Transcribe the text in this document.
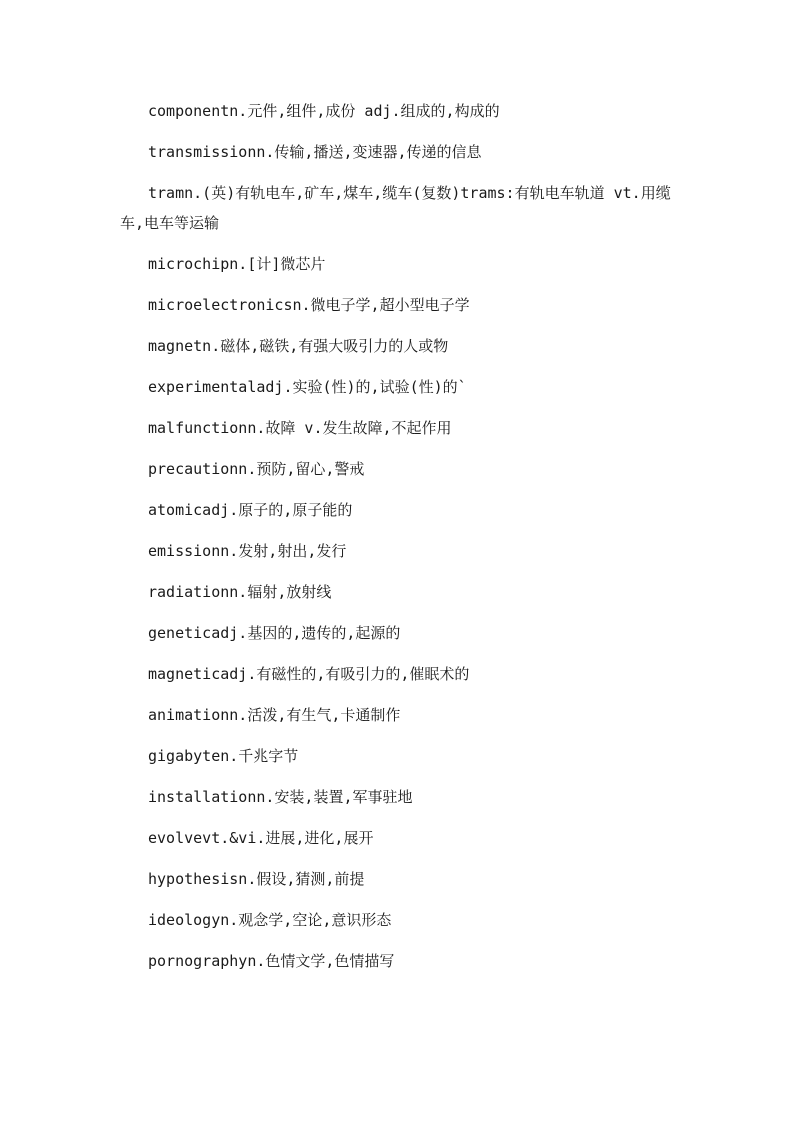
componentn.元件,组件,成份 adj.组成的,构成的
transmissionn.传输,播送,变速器,传递的信息
tramn.(英)有轨电车,矿车,煤车,缆车(复数)trams:有轨电车轨道 vt.用缆车,电车等运输
microchipn.[计]微芯片
microelectronicsn.微电子学,超小型电子学
magnetn.磁体,磁铁,有强大吸引力的人或物
experimentaladj.实验(性)的,试验(性)的`
malfunctionn.故障 v.发生故障,不起作用
precautionn.预防,留心,警戒
atomicadj.原子的,原子能的
emissionn.发射,射出,发行
radiationn.辐射,放射线
geneticadj.基因的,遗传的,起源的
magneticadj.有磁性的,有吸引力的,催眠术的
animationn.活泼,有生气,卡通制作
gigabyten.千兆字节
installationn.安装,装置,军事驻地
evolvevt.&vi.进展,进化,展开
hypothesisn.假设,猜测,前提
ideologyn.观念学,空论,意识形态
pornographyn.色情文学,色情描写
